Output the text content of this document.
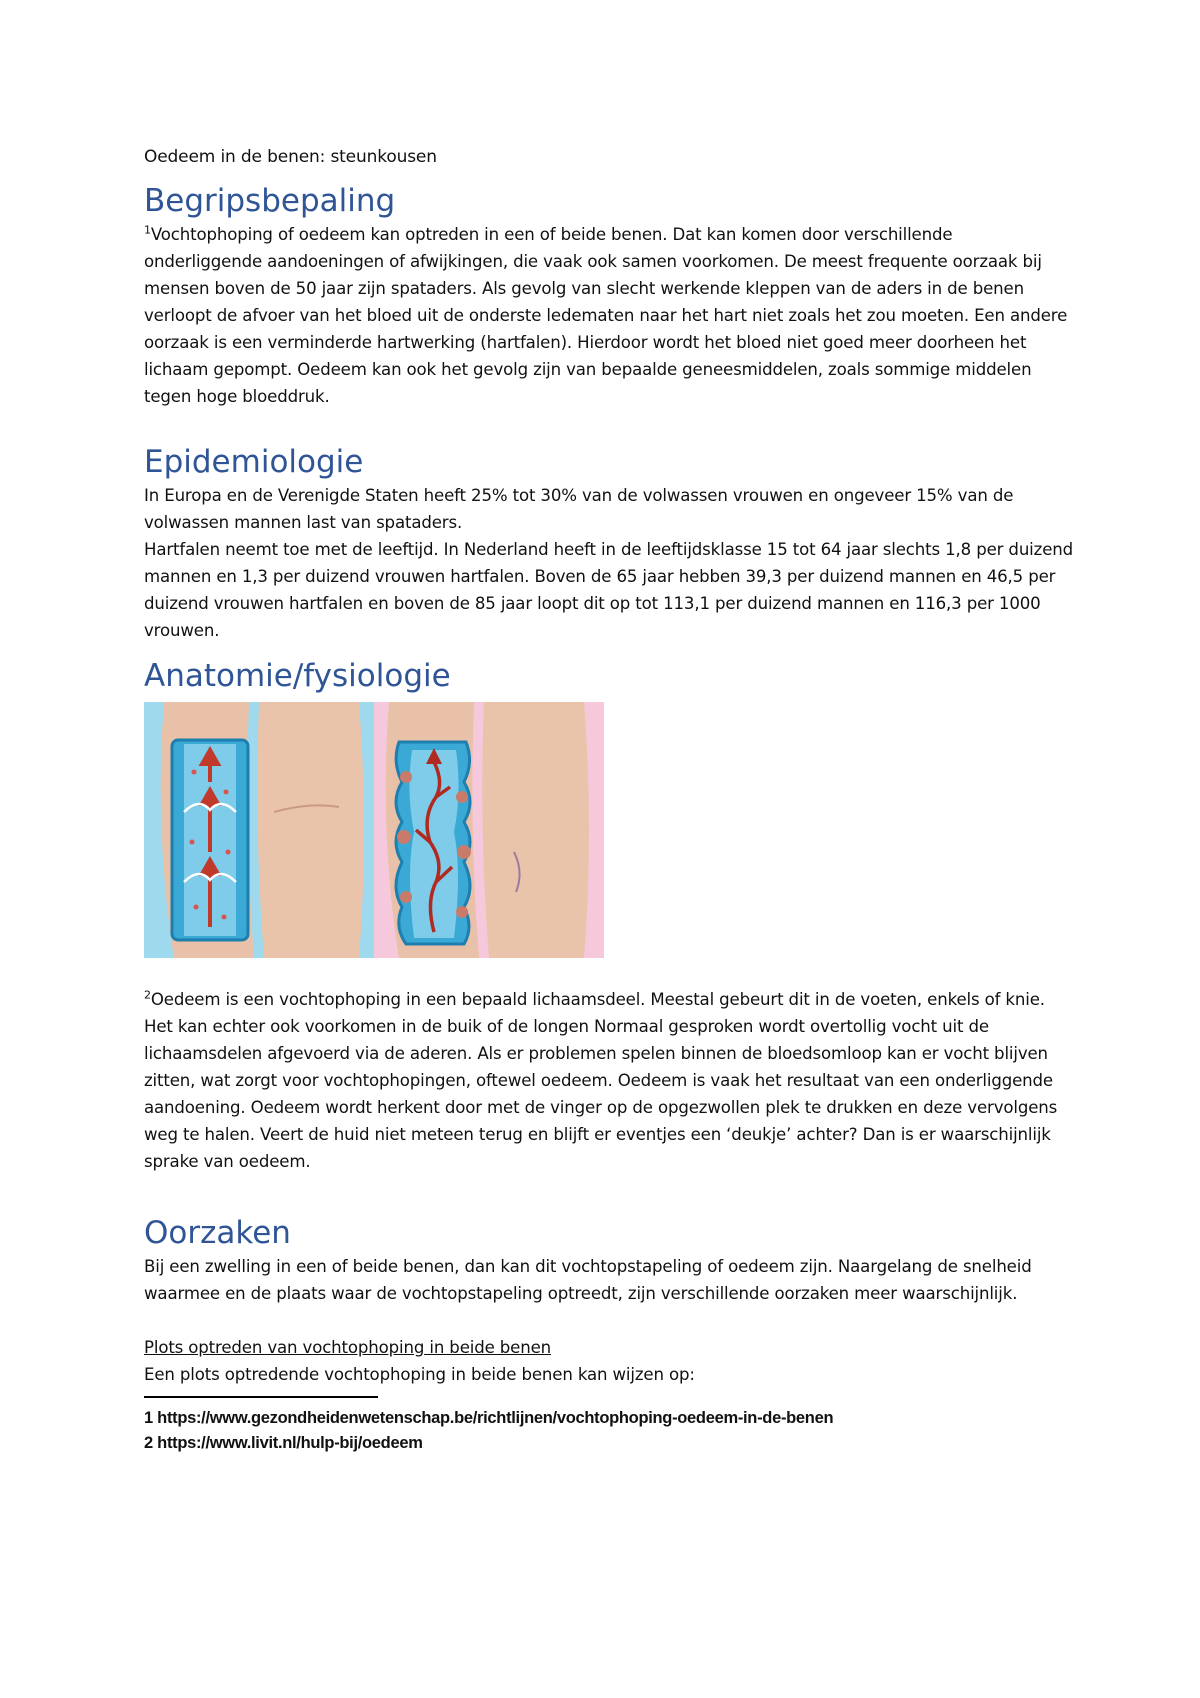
Oedeem in de benen: steunkousen

Begripsbepaling

$^1$Vochtophoping of oedeem kan optreden in een of beide benen. Dat kan komen door verschillende onderliggende aandoeningen of afwijkingen, die vaak ook samen voorkomen. De meest frequente oorzaak bij mensen boven de 50 jaar zijn spataders. Als gevolg van slecht werkende kleppen van de aders in de benen verloopt de afvoer van het bloed uit de onderste ledematen naar het hart niet zoals het zou moeten. Een andere oorzaak is een verminderde hartwerking (hartfalen). Hierdoor wordt het bloed niet goed meer doorheen het lichaam gepompt. Oedeem kan ook het gevolg zijn van bepaalde geneesmiddelen, zoals sommige middelen tegen hoge bloeddruk.

Epidemiologie

In Europa en de Verenigde Staten heeft 25% tot 30% van de volwassen vrouwen en ongeveer 15% van de volwassen mannen last van spataders.

Hartfalen neemt toe met de leeftijd. In Nederland heeft in de leeftijdsklasse 15 tot 64 jaar slechts 1,8 per duizend mannen en 1,3 per duizend vrouwen hartfalen. Boven de 65 jaar hebben 39,3 per duizend mannen en 46,5 per duizend vrouwen hartfalen en boven de 85 jaar loopt dit op tot 113,1 per duizend mannen en 116,3 per 1000 vrouwen.

Anatomie/fysiologie

$^2$Oedeem is een vochtophoping in een bepaald lichaamsdeel. Meestal gebeurt dit in de voeten, enkels of knie. Het kan echter ook voorkomen in de buik of de longen Normaal gesproken wordt overtollig vocht uit de lichaamsdelen afgevoerd via de aderen. Als er problemen spelen binnen de bloedsomloop kan er vocht blijven zitten, wat zorgt voor vochtophopingen, oftewel oedeem. Oedeem is vaak het resultaat van een onderliggende aandoening. Oedeem wordt herkent door met de vinger op de opgezwollen plek te drukken en deze vervolgens weg te halen. Veert de huid niet meteen terug en blijft er eventjes een ‘deukje’ achter? Dan is er waarschijnlijk sprake van oedeem.

Oorzaken

Bij een zwelling in een of beide benen, dan kan dit vochtopstapeling of oedeem zijn. Naargelang de snelheid waarmee en de plaats waar de vochtopstapeling optreedt, zijn verschillende oorzaken meer waarschijnlijk.

Plots optreden van vochtophoping in beide benen

Een plots optredende vochtophoping in beide benen kan wijzen op:

1 https://www.gezondheidenwetenschap.be/richtlijnen/vochtophoping-oedeem-in-de-benen

2 https://www.livit.nl/hulp-bij/oedeem
